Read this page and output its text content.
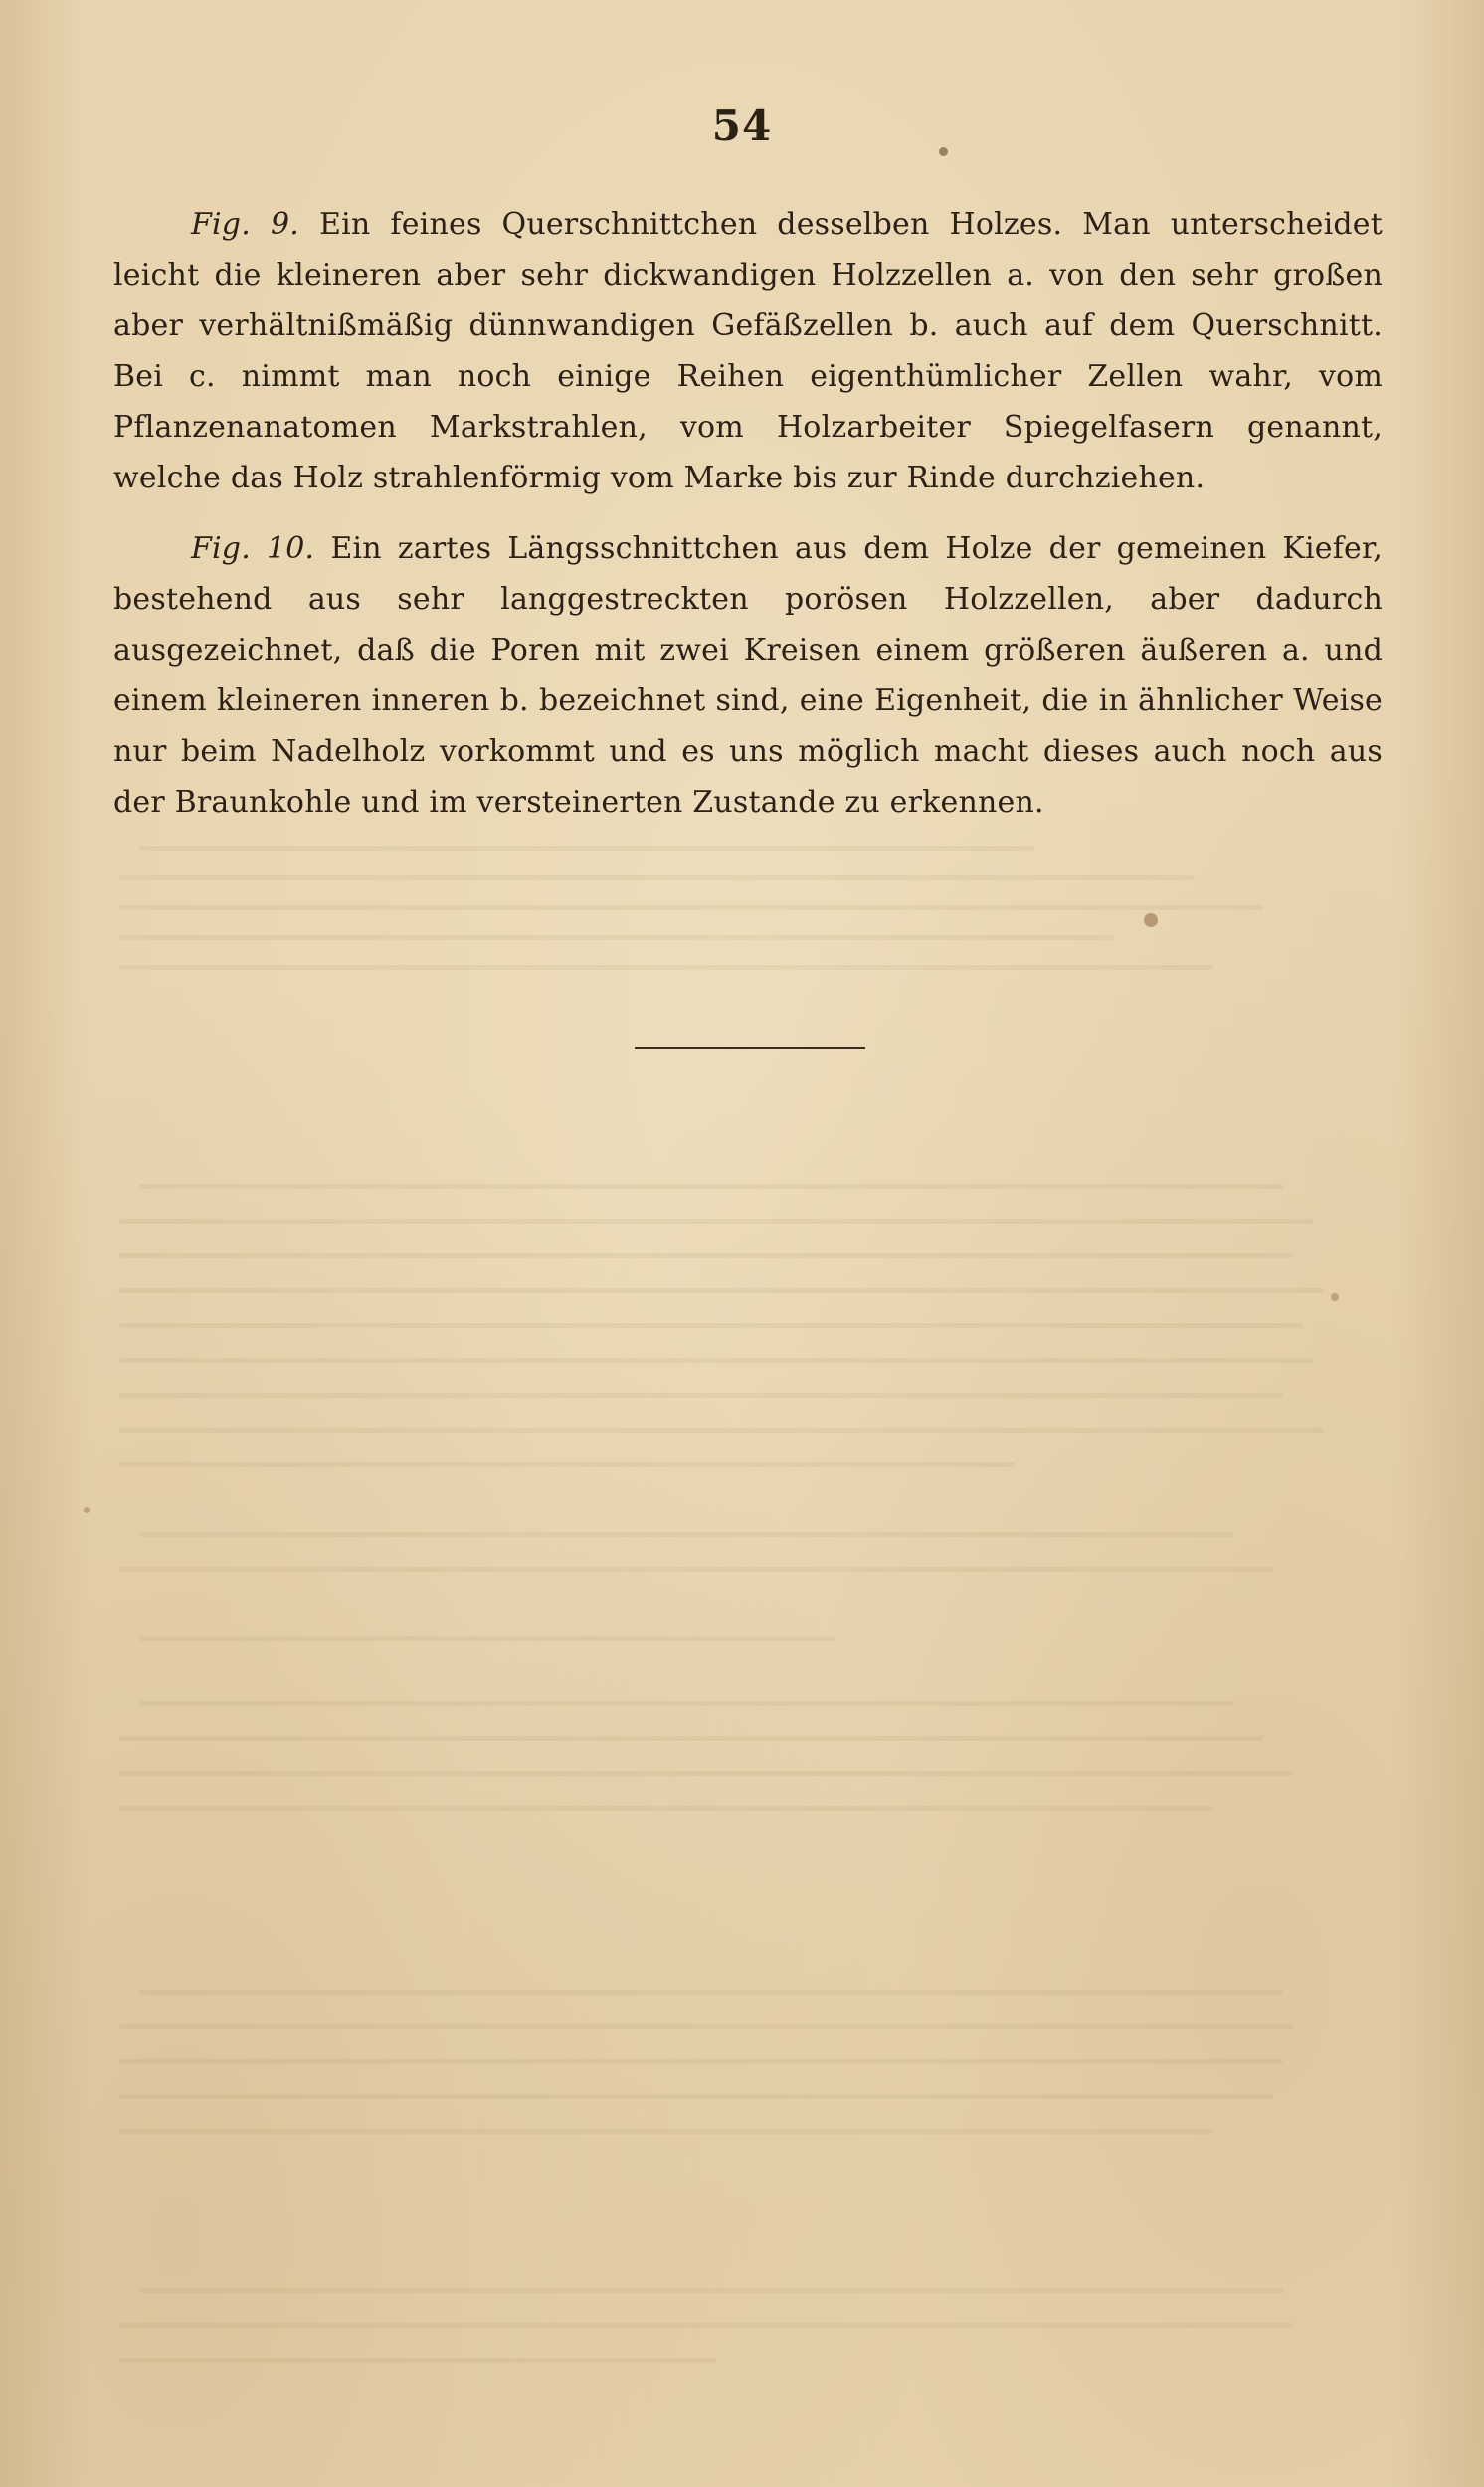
54

Fig. 9. Ein feines Querschnittchen desselben Holzes. Man unterscheidet leicht die kleineren aber sehr dickwandigen Holzzellen a. von den sehr großen aber verhältnißmäßig dünnwandigen Gefäßzellen b. auch auf dem Querschnitt. Bei c. nimmt man noch einige Reihen eigenthümlicher Zellen wahr, vom Pflanzenanatomen Markstrahlen, vom Holzarbeiter Spiegelfasern genannt, welche das Holz strahlenförmig vom Marke bis zur Rinde durchziehen.

Fig. 10. Ein zartes Längsschnittchen aus dem Holze der gemeinen Kiefer, bestehend aus sehr langgestreckten porösen Holzzellen, aber dadurch ausgezeichnet, daß die Poren mit zwei Kreisen einem größeren äußeren a. und einem kleineren inneren b. bezeichnet sind, eine Eigenheit, die in ähnlicher Weise nur beim Nadelholz vorkommt und es uns möglich macht dieses auch noch aus der Braunkohle und im versteinerten Zustande zu erkennen.
